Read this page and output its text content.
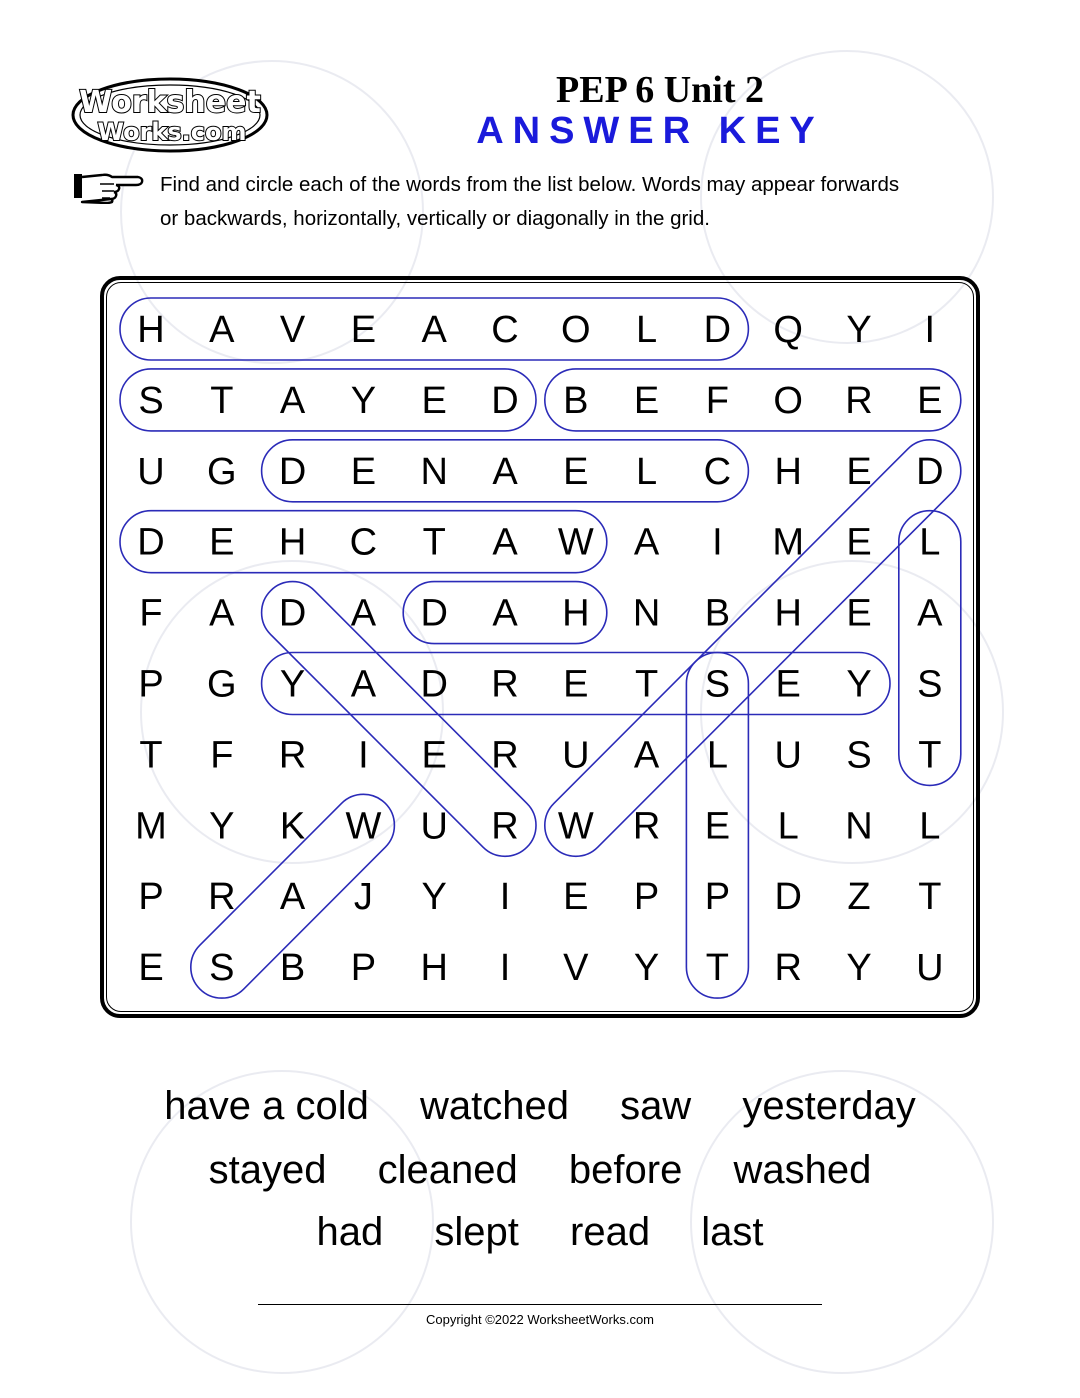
Worksheet
Works.com
PEP 6 Unit 2
ANSWER KEY
Find and circle each of the words from the list below. Words may appear forwards
or backwards, horizontally, vertically or diagonally in the grid.
H A V E A C O L D Q Y I
S T A Y E D B E F O R E
U G D E N A E L C H E D
D E H C T A W A I M E L
F A D A D A H N B H E A
P G Y A D R E T S E Y S
T F R I E R U A L U S T
M Y K W U R W R E L N L
P R A J Y I E P P D Z T
E S B P H I V Y T R Y U
have a cold watched saw yesterday
stayed cleaned before washed
had slept read last
Copyright ©2022 WorksheetWorks.com
